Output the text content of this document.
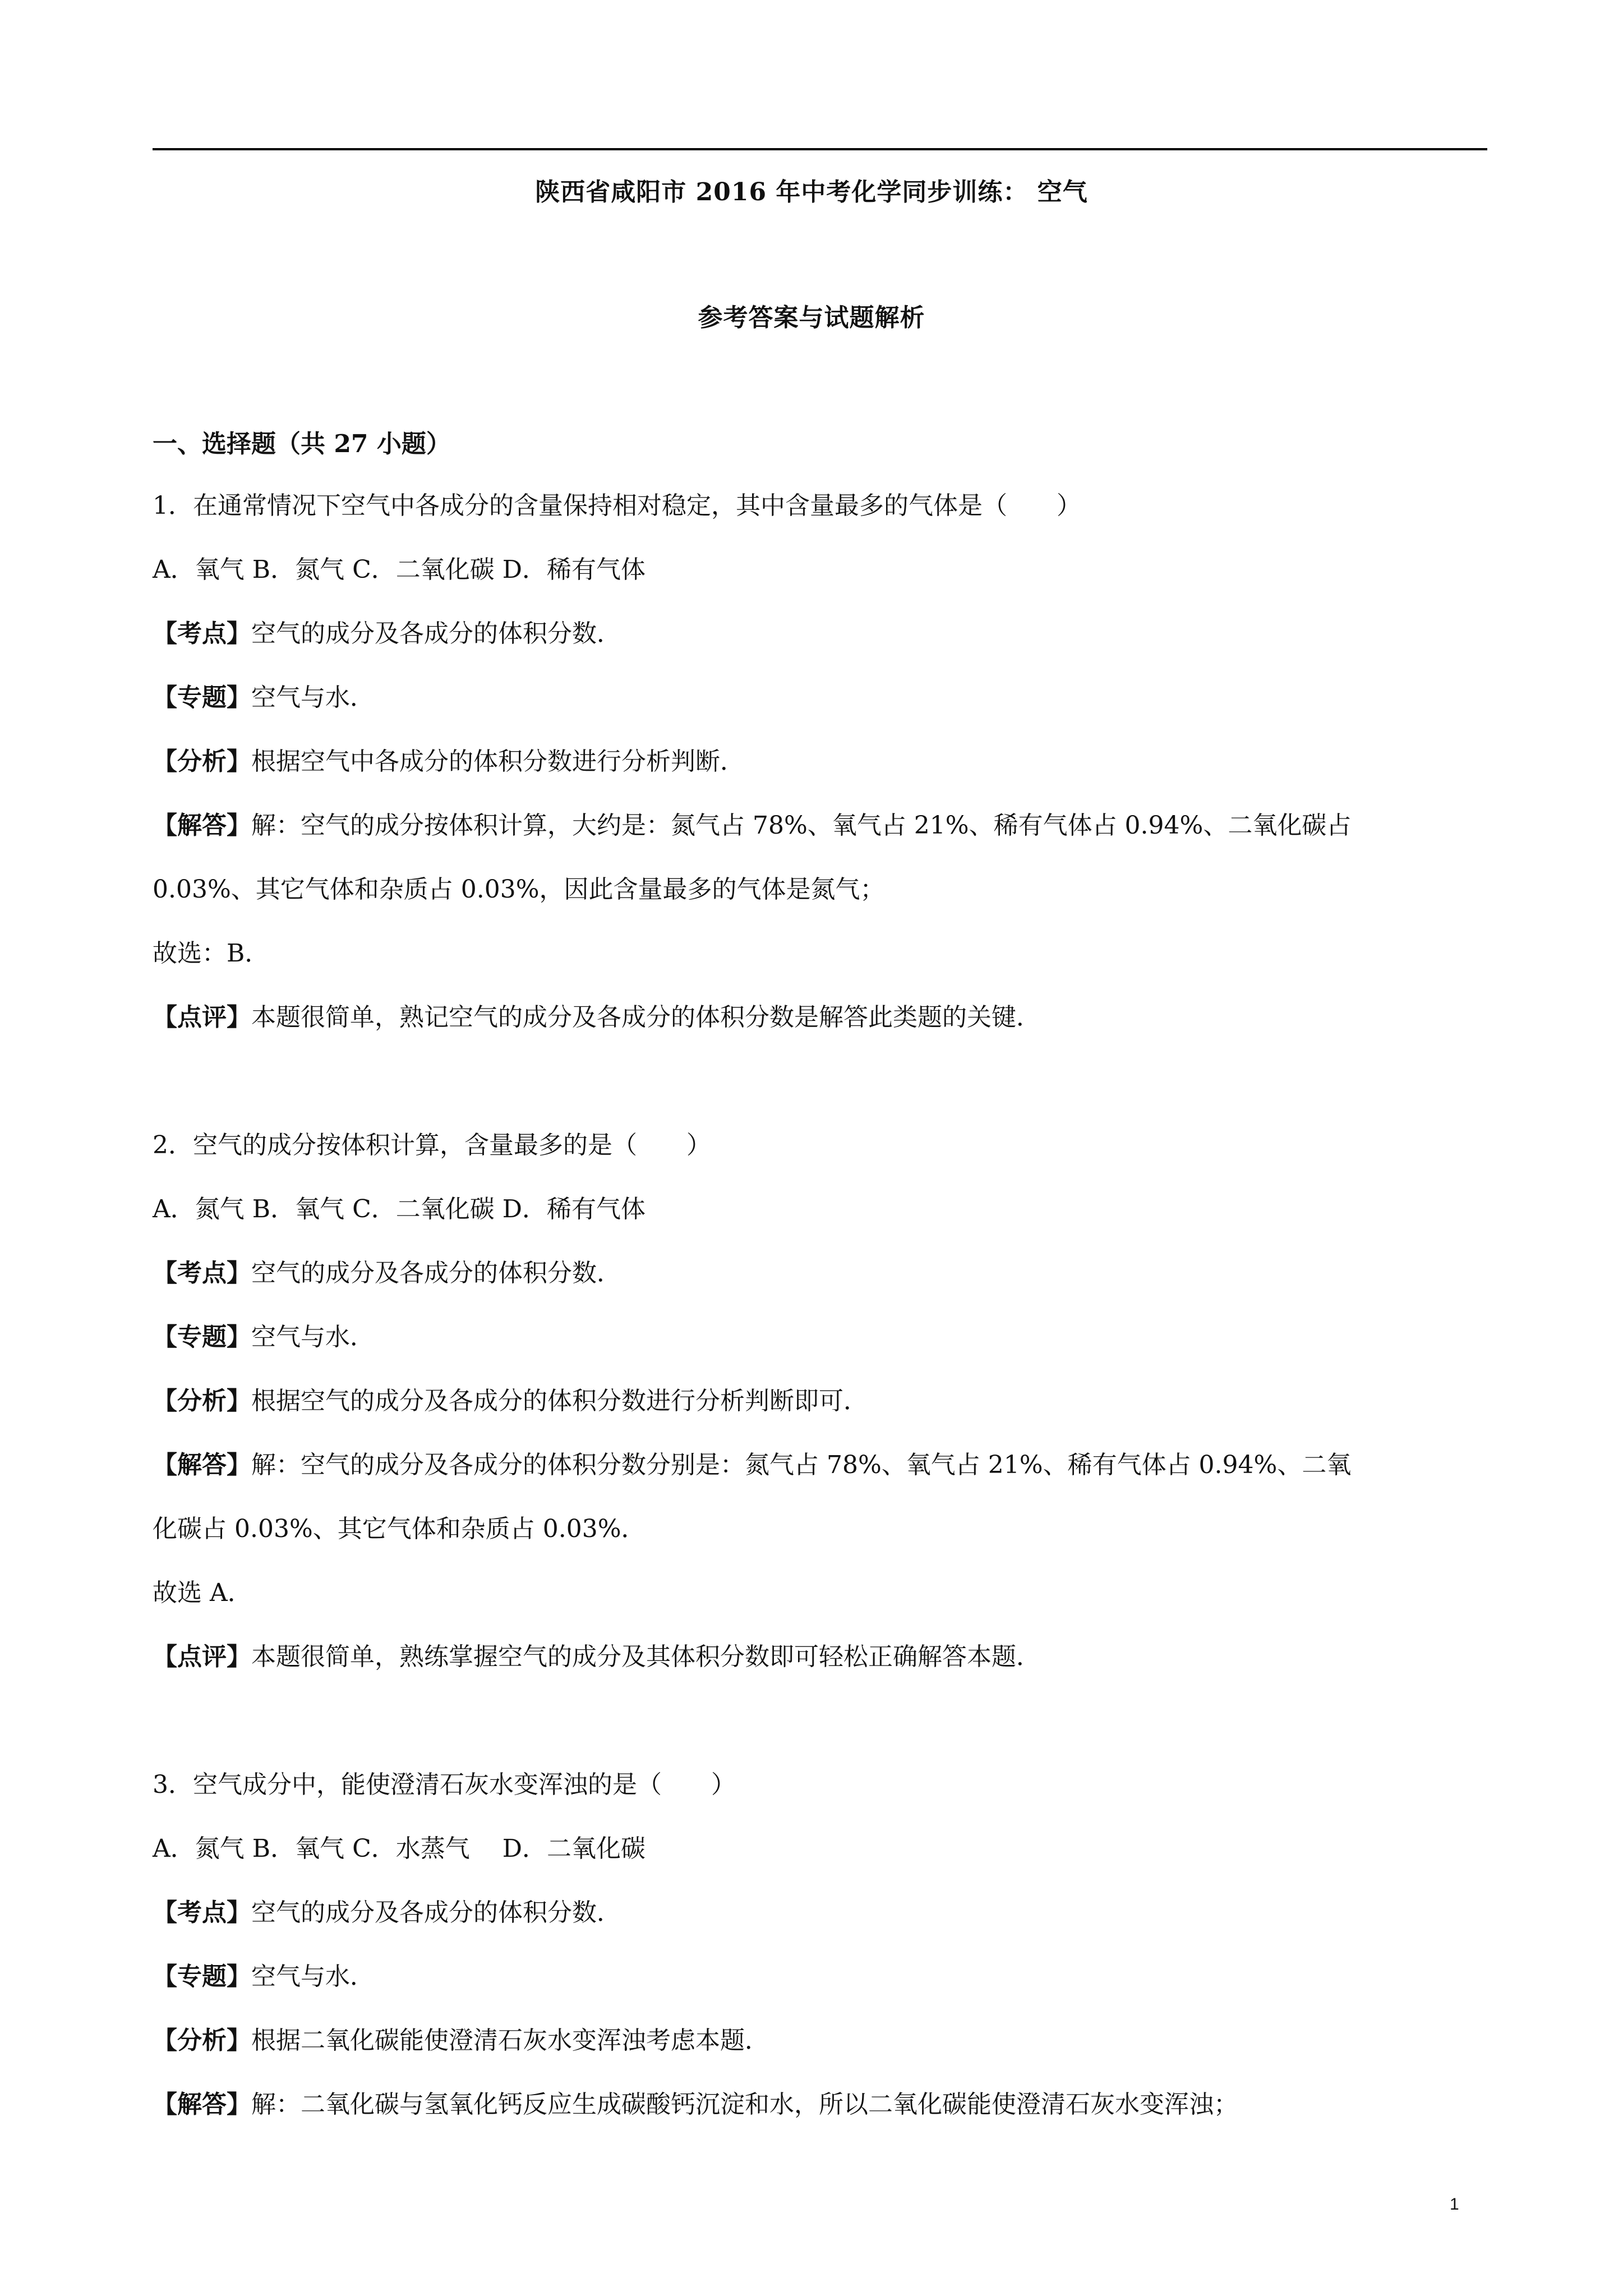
陕西省咸阳市 2016 年中考化学同步训练： 空气
参考答案与试题解析
一、选择题（共 27 小题）
1．在通常情况下空气中各成分的含量保持相对稳定，其中含量最多的气体是（　　）
A．氧气 B．氮气 C．二氧化碳 D．稀有气体
【考点】空气的成分及各成分的体积分数．
【专题】空气与水．
【分析】根据空气中各成分的体积分数进行分析判断．
【解答】解：空气的成分按体积计算，大约是：氮气占 78%、氧气占 21%、稀有气体占 0.94%、二氧化碳占
0.03%、其它气体和杂质占 0.03%，因此含量最多的气体是氮气；
故选：B．
【点评】本题很简单，熟记空气的成分及各成分的体积分数是解答此类题的关键．
2．空气的成分按体积计算，含量最多的是（　　）
A．氮气 B．氧气 C．二氧化碳 D．稀有气体
【考点】空气的成分及各成分的体积分数．
【专题】空气与水．
【分析】根据空气的成分及各成分的体积分数进行分析判断即可．
【解答】解：空气的成分及各成分的体积分数分别是：氮气占 78%、氧气占 21%、稀有气体占 0.94%、二氧
化碳占 0.03%、其它气体和杂质占 0.03%．
故选 A．
【点评】本题很简单，熟练掌握空气的成分及其体积分数即可轻松正确解答本题．
3．空气成分中，能使澄清石灰水变浑浊的是（　　）
A．氮气 B．氧气 C．水蒸气　 D．二氧化碳
【考点】空气的成分及各成分的体积分数．
【专题】空气与水．
【分析】根据二氧化碳能使澄清石灰水变浑浊考虑本题．
【解答】解：二氧化碳与氢氧化钙反应生成碳酸钙沉淀和水，所以二氧化碳能使澄清石灰水变浑浊；
1
